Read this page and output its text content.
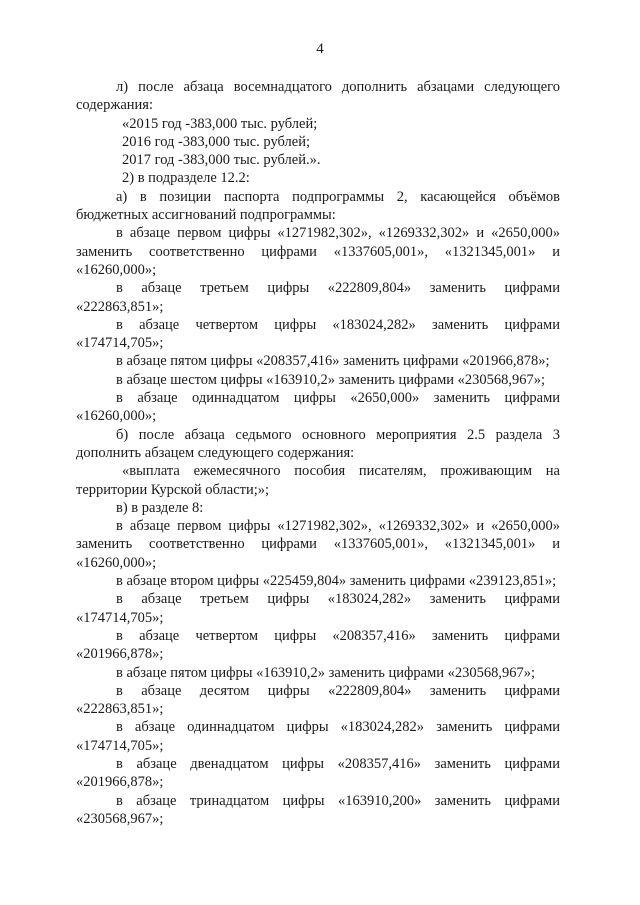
4

л) после абзаца восемнадцатого дополнить абзацами следующего содержания:

«2015 год -383,000 тыс. рублей;

2016 год -383,000 тыс. рублей;

2017 год -383,000 тыс. рублей.».

2) в подразделе 12.2:

а) в позиции паспорта подпрограммы 2, касающейся объёмов бюджетных ассигнований подпрограммы:

в абзаце первом цифры «1271982,302», «1269332,302» и «2650,000» заменить соответственно цифрами «1337605,001», «1321345,001» и «16260,000»;

в абзаце третьем цифры «222809,804» заменить цифрами «222863,851»;

в абзаце четвертом цифры «183024,282» заменить цифрами «174714,705»;

в абзаце пятом цифры «208357,416» заменить цифрами «201966,878»;

в абзаце шестом цифры «163910,2» заменить цифрами «230568,967»;

в абзаце одиннадцатом цифры «2650,000» заменить цифрами «16260,000»;

б) после абзаца седьмого основного мероприятия 2.5 раздела 3 дополнить абзацем следующего содержания:

«выплата ежемесячного пособия писателям, проживающим на территории Курской области;»;

в) в разделе 8:

в абзаце первом цифры «1271982,302», «1269332,302» и «2650,000» заменить соответственно цифрами «1337605,001», «1321345,001» и «16260,000»;

в абзаце втором цифры «225459,804» заменить цифрами «239123,851»;

в абзаце третьем цифры «183024,282» заменить цифрами «174714,705»;

в абзаце четвертом цифры «208357,416» заменить цифрами «201966,878»;

в абзаце пятом цифры «163910,2» заменить цифрами «230568,967»;

в абзаце десятом цифры «222809,804» заменить цифрами «222863,851»;

в абзаце одиннадцатом цифры «183024,282» заменить цифрами «174714,705»;

в абзаце двенадцатом цифры «208357,416» заменить цифрами «201966,878»;

в абзаце тринадцатом цифры «163910,200» заменить цифрами «230568,967»;
